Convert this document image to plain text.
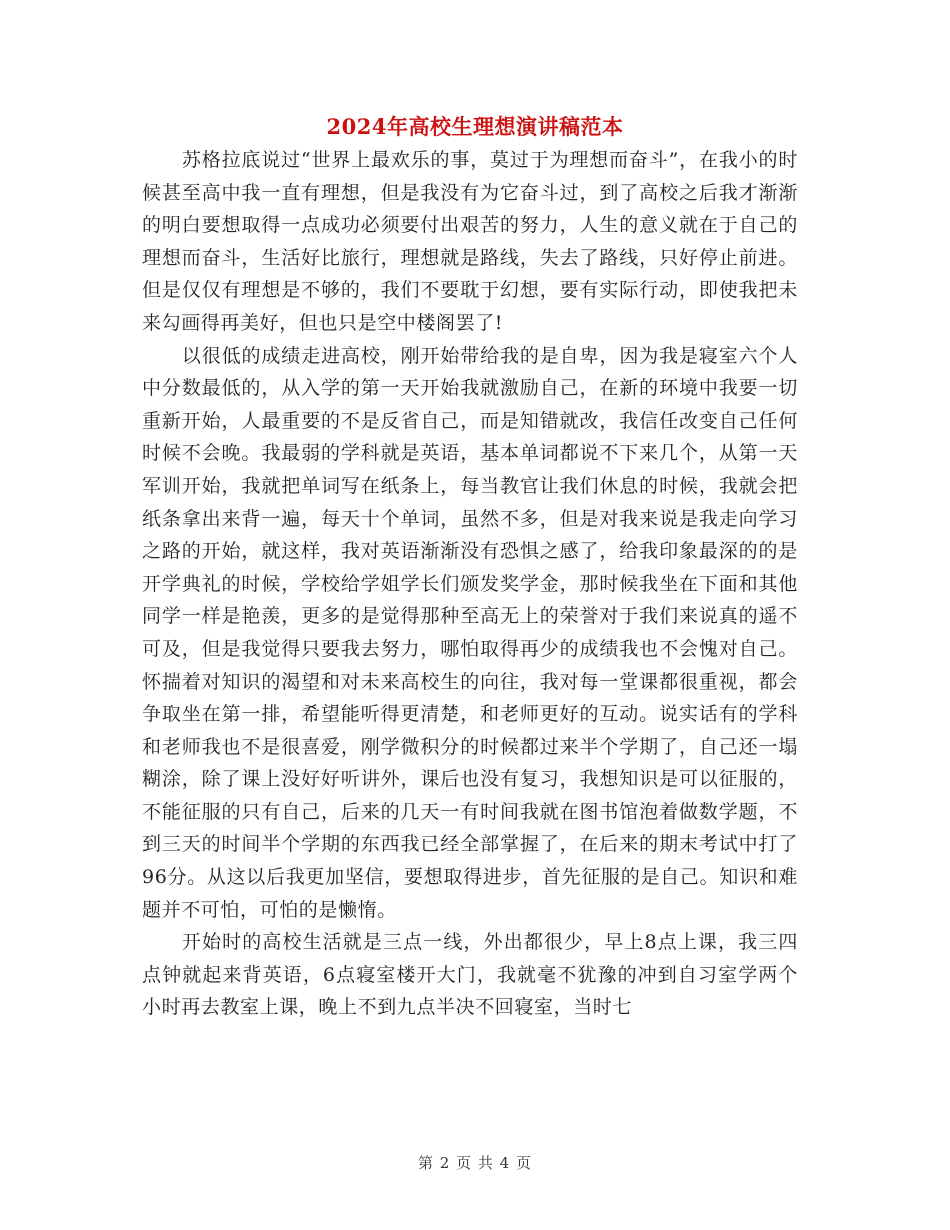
2024年高校生理想演讲稿范本

苏格拉底说过“世界上最欢乐的事，莫过于为理想而奋斗”，在我小的时候甚至高中我一直有理想，但是我没有为它奋斗过，到了高校之后我才渐渐的明白要想取得一点成功必须要付出艰苦的努力，人生的意义就在于自己的理想而奋斗，生活好比旅行，理想就是路线，失去了路线，只好停止前进。但是仅仅有理想是不够的，我们不要耽于幻想，要有实际行动，即使我把未来勾画得再美好，但也只是空中楼阁罢了!

以很低的成绩走进高校，刚开始带给我的是自卑，因为我是寝室六个人中分数最低的，从入学的第一天开始我就激励自己，在新的环境中我要一切重新开始，人最重要的不是反省自己，而是知错就改，我信任改变自己任何时候不会晚。我最弱的学科就是英语，基本单词都说不下来几个，从第一天军训开始，我就把单词写在纸条上，每当教官让我们休息的时候，我就会把纸条拿出来背一遍，每天十个单词，虽然不多，但是对我来说是我走向学习之路的开始，就这样，我对英语渐渐没有恐惧之感了，给我印象最深的的是开学典礼的时候，学校给学姐学长们颁发奖学金，那时候我坐在下面和其他同学一样是艳羡，更多的是觉得那种至高无上的荣誉对于我们来说真的遥不可及，但是我觉得只要我去努力，哪怕取得再少的成绩我也不会愧对自己。 怀揣着对知识的渴望和对未来高校生的向往，我对每一堂课都很重视，都会争取坐在第一排，希望能听得更清楚，和老师更好的互动。说实话有的学科和老师我也不是很喜爱，刚学微积分的时候都过来半个学期了，自己还一塌糊涂，除了课上没好好听讲外，课后也没有复习，我想知识是可以征服的，不能征服的只有自己，后来的几天一有时间我就在图书馆泡着做数学题，不到三天的时间半个学期的东西我已经全部掌握了，在后来的期末考试中打了96分。从这以后我更加坚信，要想取得进步，首先征服的是自己。知识和难题并不可怕，可怕的是懒惰。

开始时的高校生活就是三点一线，外出都很少，早上8点上课，我三四点钟就起来背英语，6点寝室楼开大门，我就毫不犹豫的冲到自习室学两个小时再去教室上课，晚上不到九点半决不回寝室，当时七

第 2 页 共 4 页
